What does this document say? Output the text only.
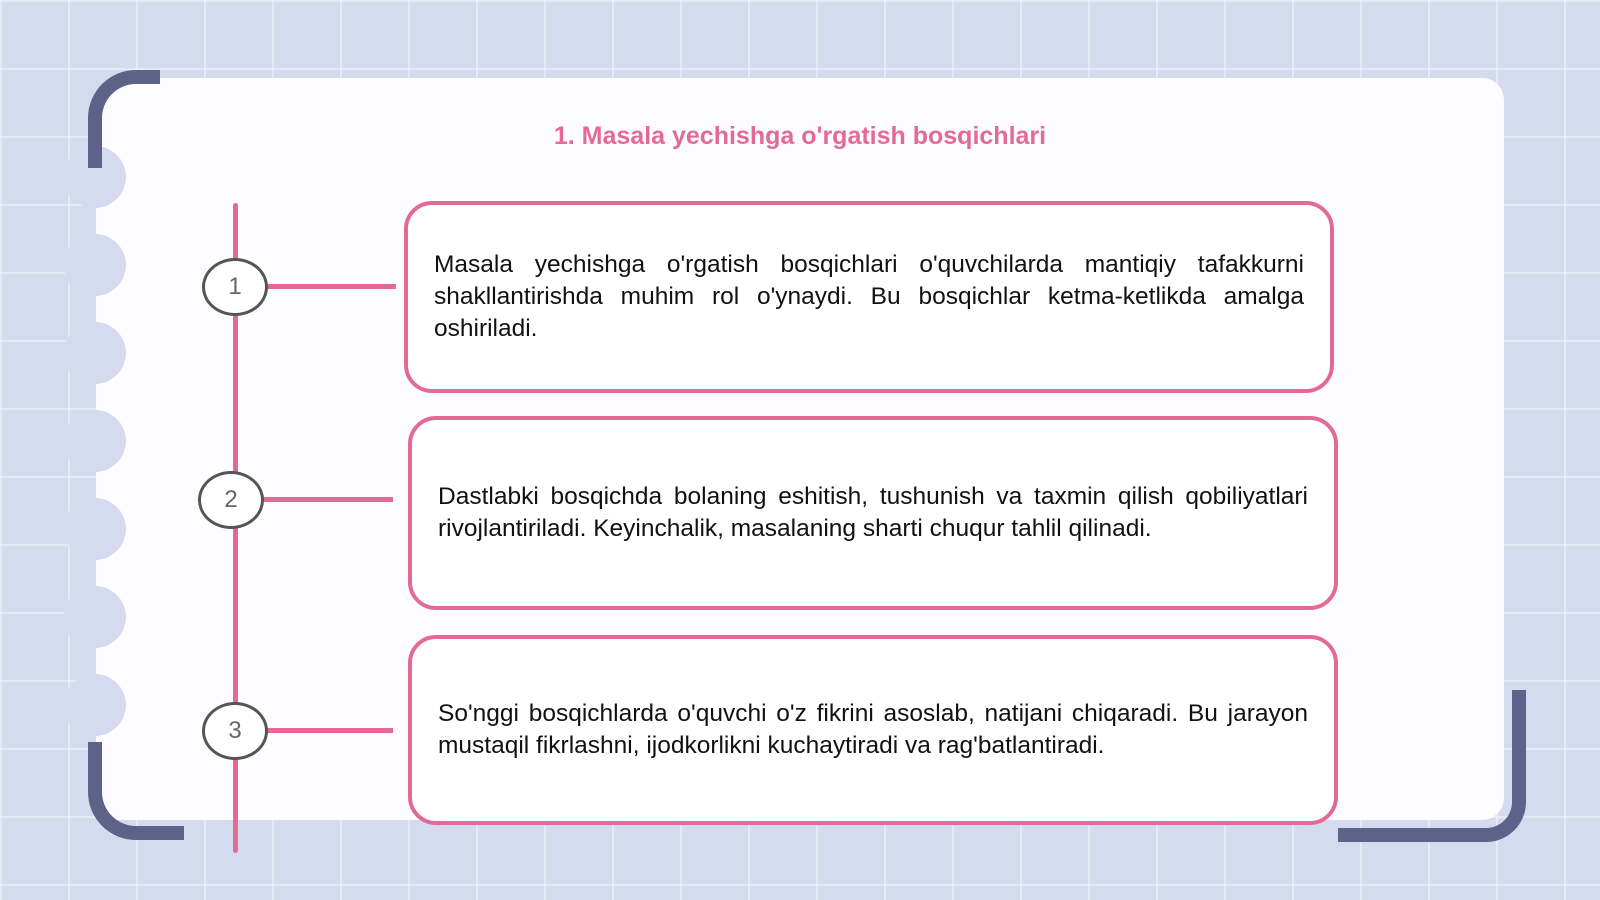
1. Masala yechishga o'rgatish bosqichlari
1

Masala yechishga o'rgatish bosqichlari o'quvchilarda mantiqiy tafakkurni shakllantirishda muhim rol o'ynaydi. Bu bosqichlar ketma-ketlikda amalga oshiriladi.

2	Dastlabki bosqichda bolaning eshitish, tushunish va taxmin qilish qobiliyatlari rivojlantiriladi. Keyinchalik, masalaning sharti chuqur tahlil qilinadi.

3

So'nggi bosqichlarda o'quvchi o'z fikrini asoslab, natijani chiqaradi. Bu jarayon mustaqil fikrlashni, ijodkorlikni kuchaytiradi va rag'batlantiradi.
